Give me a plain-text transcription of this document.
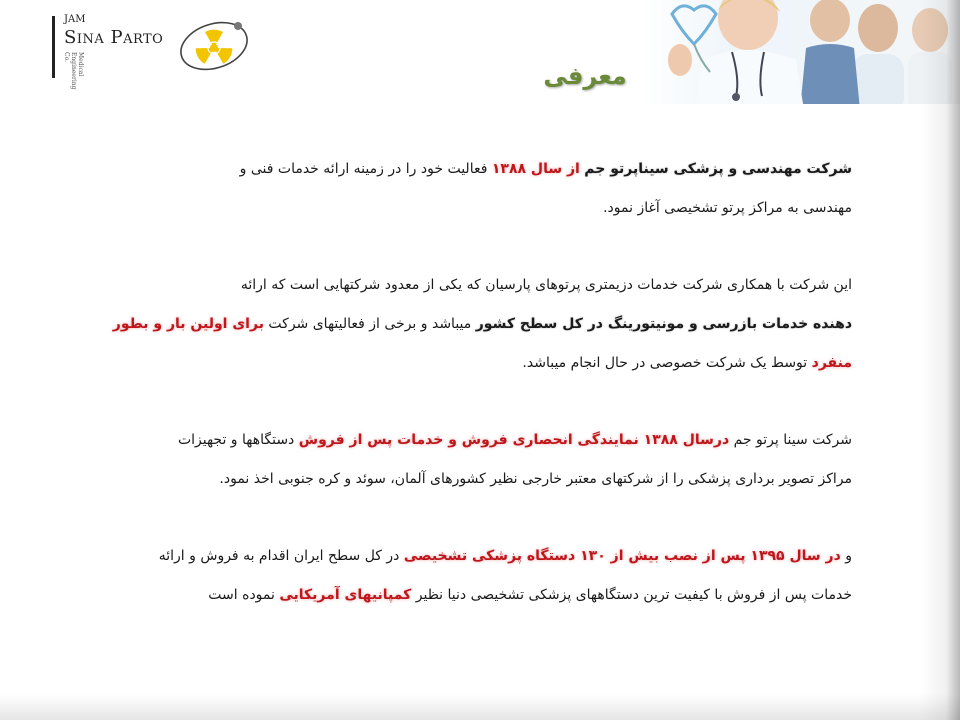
JAM
Sina Parto
Medical Engineering Co.
معرفی

شرکت مهندسی و پزشکی سیناپرتو جم از سال ۱۳۸۸ فعالیت خود را در زمینه ارائه خدمات فنی و

مهندسی به مراکز پرتو تشخیصی آغاز نمود.

این شرکت با همکاری شرکت خدمات دزیمتری پرتوهای پارسیان که یکی از معدود شرکتهایی است که ارائه

دهنده خدمات بازرسی و مونیتورینگ در کل سطح کشور میباشد و برخی از فعالیتهای شرکت برای اولین بار و بطور

منفرد توسط یک شرکت خصوصی در حال انجام میباشد.

شرکت سینا پرتو جم درسال ۱۳۸۸ نمایندگی انحصاری فروش و خدمات پس از فروش دستگاهها و تجهیزات

مراکز تصویر برداری پزشکی را از شرکتهای معتبر خارجی نظیر کشورهای آلمان، سوئد و کره جنوبی اخذ نمود.

و در سال ۱۳۹۵ پس از نصب بیش از ۱۳۰ دستگاه پزشکی تشخیصی در کل سطح ایران اقدام به فروش و ارائه

خدمات پس از فروش با کیفیت ترین دستگاههای پزشکی تشخیصی دنیا نظیر کمپانیهای آمریکایی نموده است
